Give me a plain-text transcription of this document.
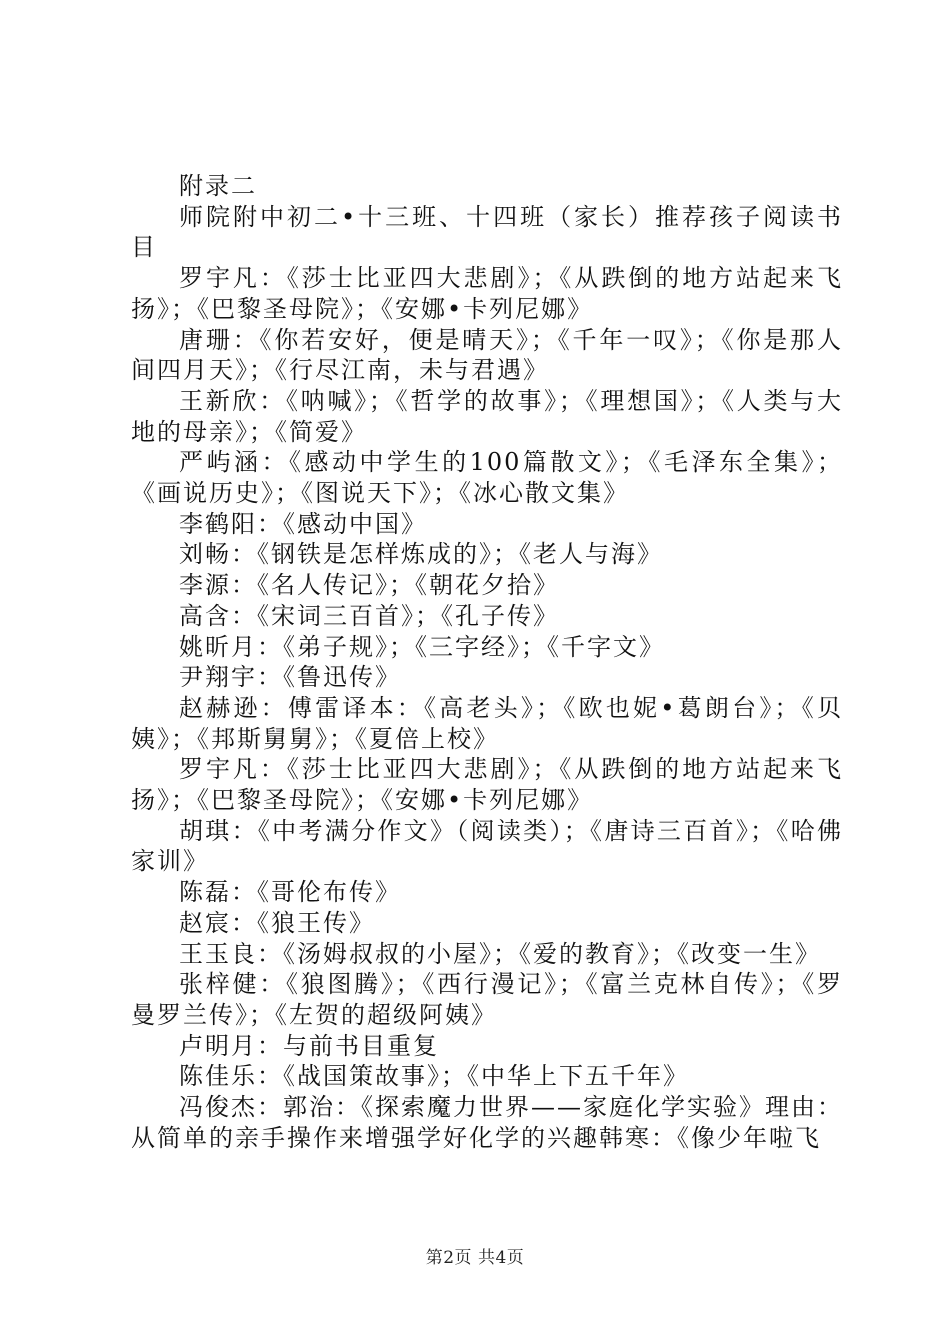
附录二
师院附中初二•十三班、十四班（家长）推荐孩子阅读书目
罗宇凡：《莎士比亚四大悲剧》；《从跌倒的地方站起来飞扬》；《巴黎圣母院》；《安娜•卡列尼娜》
唐珊：《你若安好，便是晴天》；《千年一叹》；《你是那人间四月天》；《行尽江南，未与君遇》
王新欣：《呐喊》；《哲学的故事》；《理想国》；《人类与大地的母亲》；《简爱》
严屿涵：《感动中学生的100篇散文》；《毛泽东全集》；《画说历史》；《图说天下》；《冰心散文集》
李鹤阳：《感动中国》
刘畅：《钢铁是怎样炼成的》；《老人与海》
李源：《名人传记》；《朝花夕拾》
高含：《宋词三百首》；《孔子传》
姚昕月：《弟子规》；《三字经》；《千字文》
尹翔宇：《鲁迅传》
赵赫逊：傅雷译本：《高老头》；《欧也妮•葛朗台》；《贝姨》；《邦斯舅舅》；《夏倍上校》
罗宇凡：《莎士比亚四大悲剧》；《从跌倒的地方站起来飞扬》；《巴黎圣母院》；《安娜•卡列尼娜》
胡琪：《中考满分作文》（阅读类）；《唐诗三百首》；《哈佛家训》
陈磊：《哥伦布传》
赵宸：《狼王传》
王玉良：《汤姆叔叔的小屋》；《爱的教育》；《改变一生》
张梓健：《狼图腾》；《西行漫记》；《富兰克林自传》；《罗曼罗兰传》；《左贺的超级阿姨》
卢明月：与前书目重复
陈佳乐：《战国策故事》；《中华上下五千年》
冯俊杰：郭治：《探索魔力世界——家庭化学实验》理由：从简单的亲手操作来增强学好化学的兴趣韩寒：《像少年啦飞
第2页 共4页
